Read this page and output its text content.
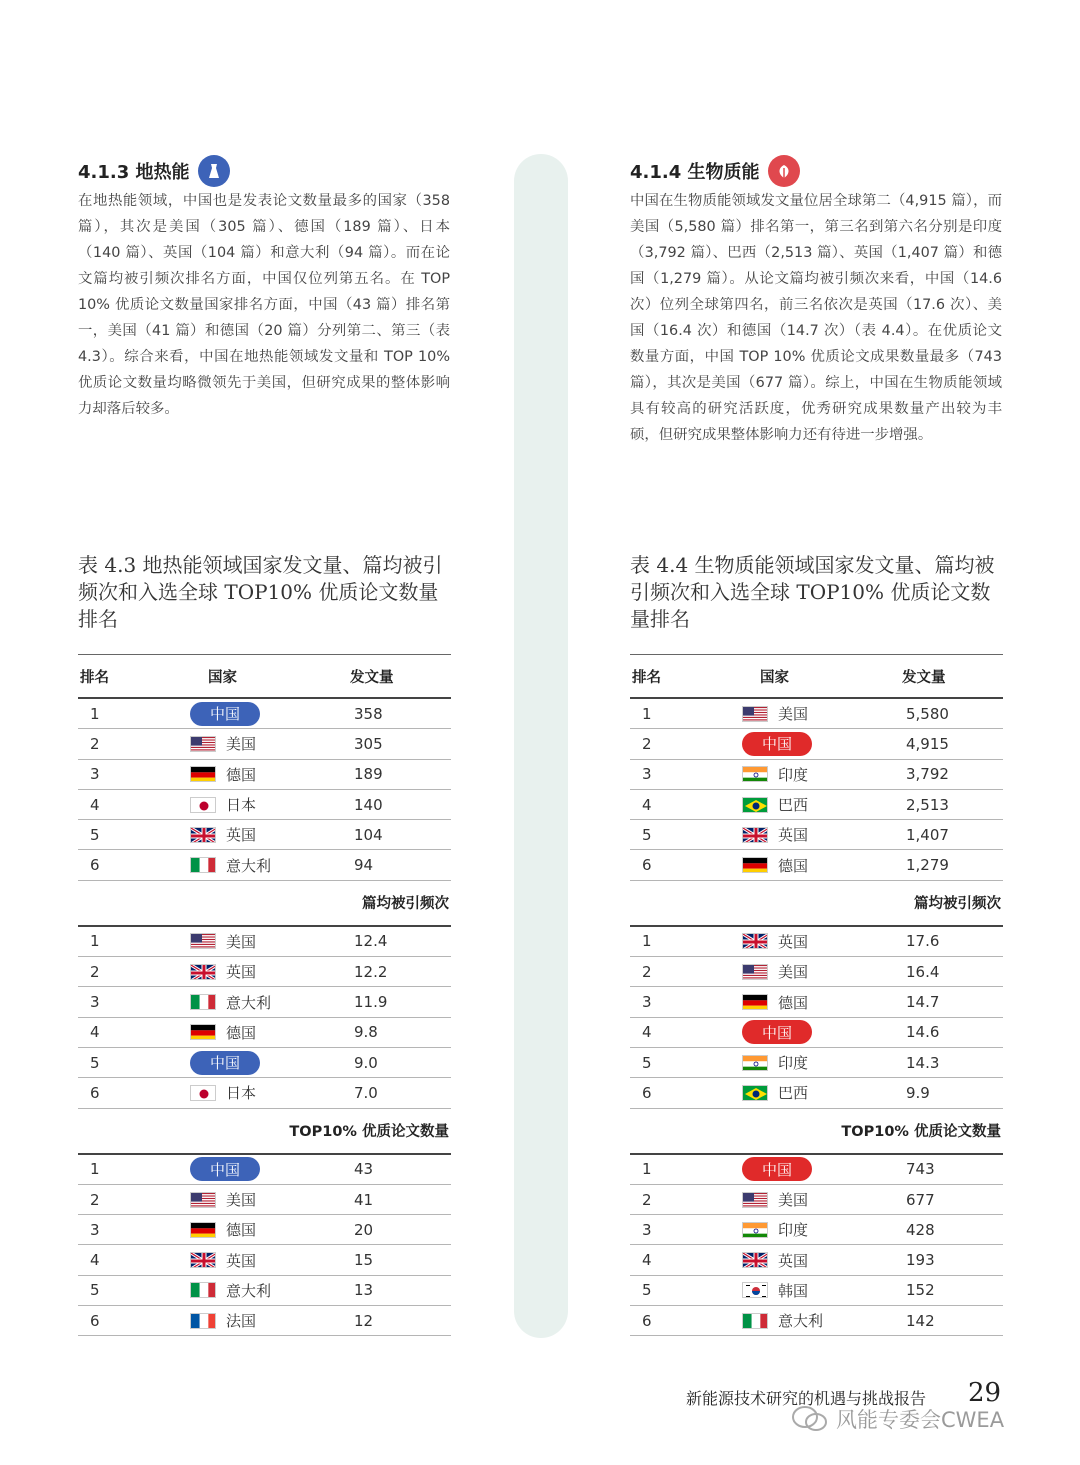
4.1.3 地热能

在地热能领域，中国也是发表论文数量最多的国家（358 篇），其次是美国（305 篇）、德国（189 篇）、日本（140 篇）、英国（104 篇）和意大利（94 篇）。而在论文篇均被引频次排名方面，中国仅位列第五名。在 TOP 10% 优质论文数量国家排名方面，中国（43 篇）排名第一，美国（41 篇）和德国（20 篇）分列第二、第三（表 4.3）。综合来看，中国在地热能领域发文量和 TOP 10% 优质论文数量均略微领先于美国，但研究成果的整体影响力却落后较多。

表 4.3 地热能领域国家发文量、篇均被引频次和入选全球 TOP10% 优质论文数量排名
排名	国家	发文量
1	中国	358
2	美国	305
3	德国	189
4	日本	140
5	英国	104
6	意大利	94
篇均被引频次
1	美国	12.4
2	英国	12.2
3	意大利	11.9
4	德国	9.8
5	中国	9.0
6	日本	7.0
TOP10% 优质论文数量
1	中国	43
2	美国	41
3	德国	20
4	英国	15
5	意大利	13
6	法国	12
4.1.4 生物质能

中国在生物质能领域发文量位居全球第二（4,915 篇），而美国（5,580 篇）排名第一，第三名到第六名分别是印度（3,792 篇）、巴西（2,513 篇）、英国（1,407 篇）和德国（1,279 篇）。从论文篇均被引频次来看，中国（14.6 次）位列全球第四名，前三名依次是英国（17.6 次）、美国（16.4 次）和德国（14.7 次）（表 4.4）。在优质论文数量方面，中国 TOP 10% 优质论文成果数量最多（743 篇），其次是美国（677 篇）。综上，中国在生物质能领域具有较高的研究活跃度，优秀研究成果数量产出较为丰硕，但研究成果整体影响力还有待进一步增强。

表 4.4 生物质能领域国家发文量、篇均被引频次和入选全球 TOP10% 优质论文数量排名
排名	国家	发文量
1	美国	5,580
2	中国	4,915
3	印度	3,792
4	巴西	2,513
5	英国	1,407
6	德国	1,279
篇均被引频次
1	英国	17.6
2	美国	16.4
3	德国	14.7
4	中国	14.6
5	印度	14.3
6	巴西	9.9
TOP10% 优质论文数量
1	中国	743
2	美国	677
3	印度	428
4	英国	193
5	韩国	152
6	意大利	142
新能源技术研究的机遇与挑战报告 29
风能专委会CWEA
